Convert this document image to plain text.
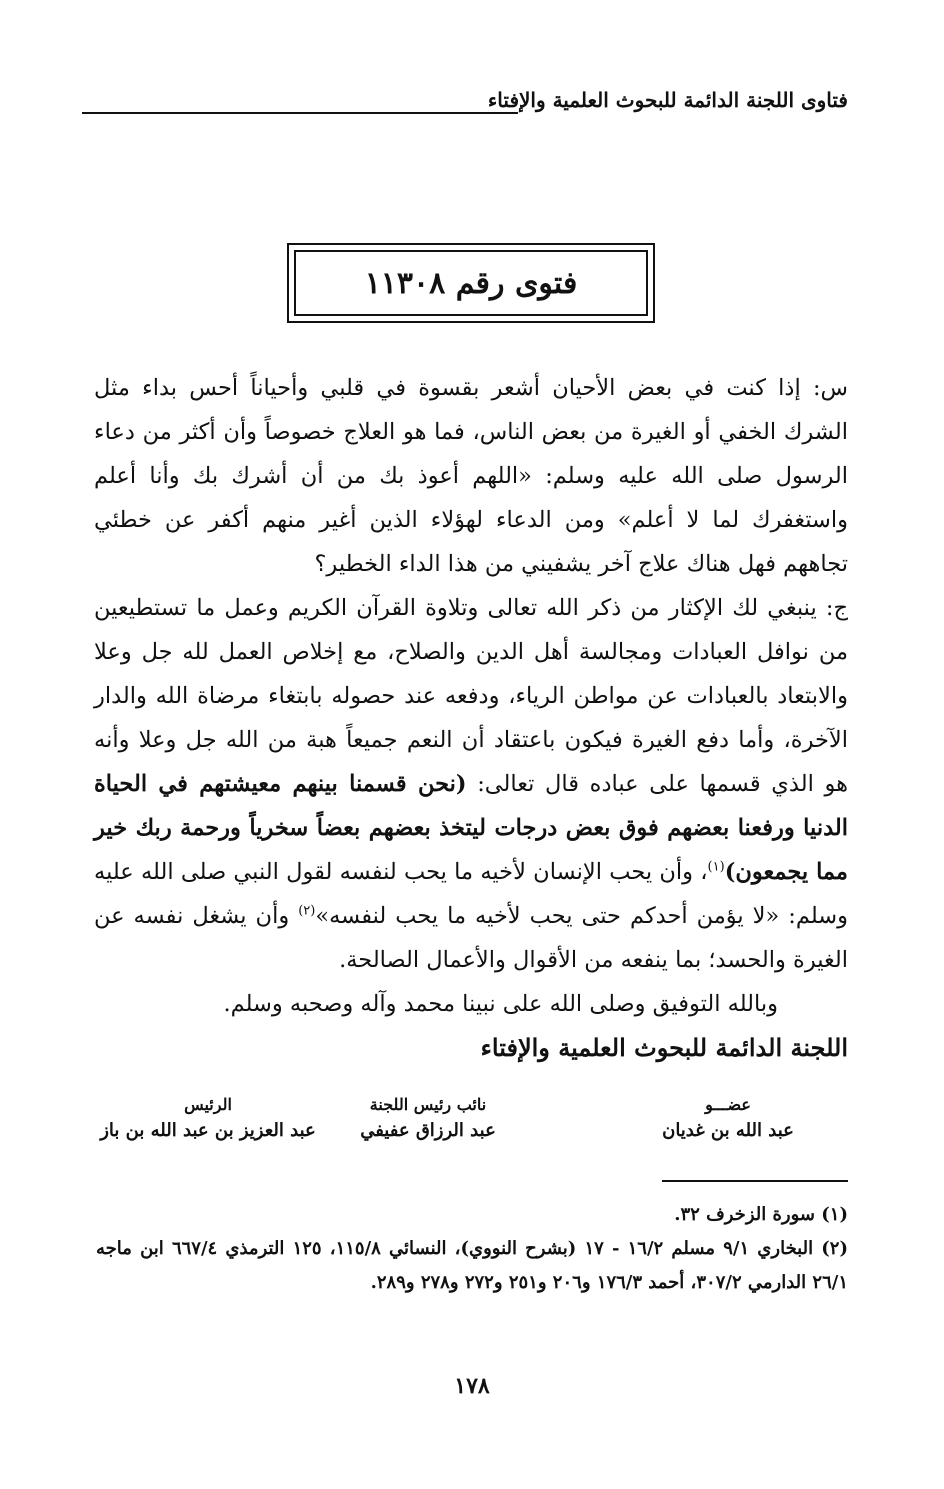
فتاوى اللجنة الدائمة للبحوث العلمية والإفتاء
فتوى رقم ١١٣٠٨

س: إذا كنت في بعض الأحيان أشعر بقسوة في قلبي وأحياناً أحس بداء مثل الشرك الخفي أو الغيرة من بعض الناس، فما هو العلاج خصوصاً وأن أكثر من دعاء الرسول صلى الله عليه وسلم: «اللهم أعوذ بك من أن أشرك بك وأنا أعلم واستغفرك لما لا أعلم» ومن الدعاء لهؤلاء الذين أغير منهم أكفر عن خطئي تجاههم فهل هناك علاج آخر يشفيني من هذا الداء الخطير؟

ج: ينبغي لك الإكثار من ذكر الله تعالى وتلاوة القرآن الكريم وعمل ما تستطيعين من نوافل العبادات ومجالسة أهل الدين والصلاح، مع إخلاص العمل لله جل وعلا والابتعاد بالعبادات عن مواطن الرياء، ودفعه عند حصوله بابتغاء مرضاة الله والدار الآخرة، وأما دفع الغيرة فيكون باعتقاد أن النعم جميعاً هبة من الله جل وعلا وأنه هو الذي قسمها على عباده قال تعالى: (نحن قسمنا بينهم معيشتهم في الحياة الدنيا ورفعنا بعضهم فوق بعض درجات ليتخذ بعضهم بعضاً سخرياً ورحمة ربك خير مما يجمعون)$^{(١)}$، وأن يحب الإنسان لأخيه ما يحب لنفسه لقول النبي صلى الله عليه وسلم: «لا يؤمن أحدكم حتى يحب لأخيه ما يحب لنفسه»$^{(٢)}$ وأن يشغل نفسه عن الغيرة والحسد؛ بما ينفعه من الأقوال والأعمال الصالحة.

وبالله التوفيق وصلى الله على نبينا محمد وآله وصحبه وسلم.

اللجنة الدائمة للبحوث العلمية والإفتاء

الرئيس
عبد العزيز بن عبد الله بن باز
نائب رئيس اللجنة
عبد الرزاق عفيفي
عضـــو
عبد الله بن غديان

(١) سورة الزخرف ٣٢.

(٢) البخاري ٩/١ مسلم ١٦/٢ - ١٧ (بشرح النووي)، النسائي ١١٥/٨، ١٢٥ الترمذي ٦٦٧/٤ ابن ماجه ٢٦/١ الدارمي ٣٠٧/٢، أحمد ١٧٦/٣ و٢٠٦ و٢٥١ و٢٧٢ و٢٧٨ و٢٨٩.

١٧٨
